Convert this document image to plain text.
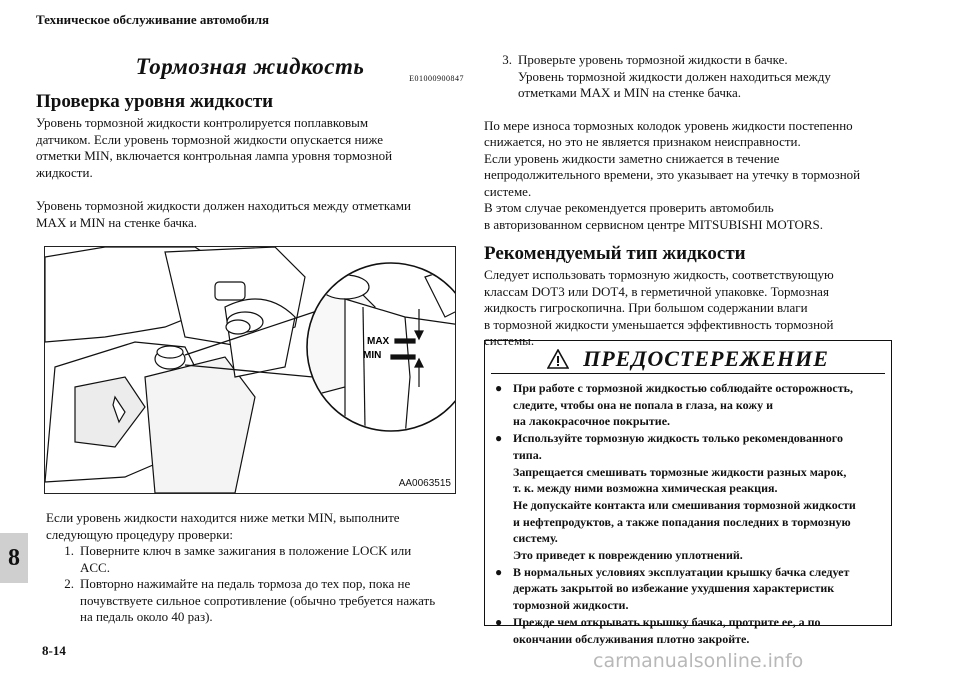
Техническое обслуживание автомобиля
8
8-14
Тормозная жидкость	E01000900847
Проверка уровня жидкости

Уровень тормозной жидкости контролируется поплавковым
датчиком. Если уровень тормозной жидкости опускается ниже
отметки MIN, включается контрольная лампа уровня тормозной
жидкости.

Уровень тормозной жидкости должен находиться между отметками
MAX и MIN на стенке бачка.

MAX
MIN
AA0063515

Если уровень жидкости находится ниже метки MIN, выполните
следующую процедуру проверки:

1. Поверните ключ в замке зажигания в положение LOCK или
ACC.
2. Повторно нажимайте на педаль тормоза до тех пор, пока не
почувствуете сильное сопротивление (обычно требуется нажать
на педаль около 40 раз).
3. Проверьте уровень тормозной жидкости в бачке.
Уровень тормозной жидкости должен находиться между
отметками MAX и MIN на стенке бачка.

По мере износа тормозных колодок уровень жидкости постепенно
снижается, но это не является признаком неисправности.
Если уровень жидкости заметно снижается в течение
непродолжительного времени, это указывает на утечку в тормозной
системе.
В этом случае рекомендуется проверить автомобиль
в авторизованном сервисном центре MITSUBISHI MOTORS.

Рекомендуемый тип жидкости

Следует использовать тормозную жидкость, соответствующую
классам DOT3 или DOT4, в герметичной упаковке. Тормозная
жидкость гигроскопична. При большом содержании влаги
в тормозной жидкости уменьшается эффективность тормозной
системы.

ПРЕДОСТЕРЕЖЕНИЕ
● При работе с тормозной жидкостью соблюдайте осторожность,
следите, чтобы она не попала в глаза, на кожу и
на лакокрасочное покрытие.
● Используйте тормозную жидкость только рекомендованного
типа.
Запрещается смешивать тормозные жидкости разных марок,
т. к. между ними возможна химическая реакция.
Не допускайте контакта или смешивания тормозной жидкости
и нефтепродуктов, а также попадания последних в тормозную
систему.
Это приведет к повреждению уплотнений.
● В нормальных условиях эксплуатации крышку бачка следует
держать закрытой во избежание ухудшения характеристик
тормозной жидкости.
● Прежде чем открывать крышку бачка, протрите ее, а по
окончании обслуживания плотно закройте.
carmanualsonline.info
